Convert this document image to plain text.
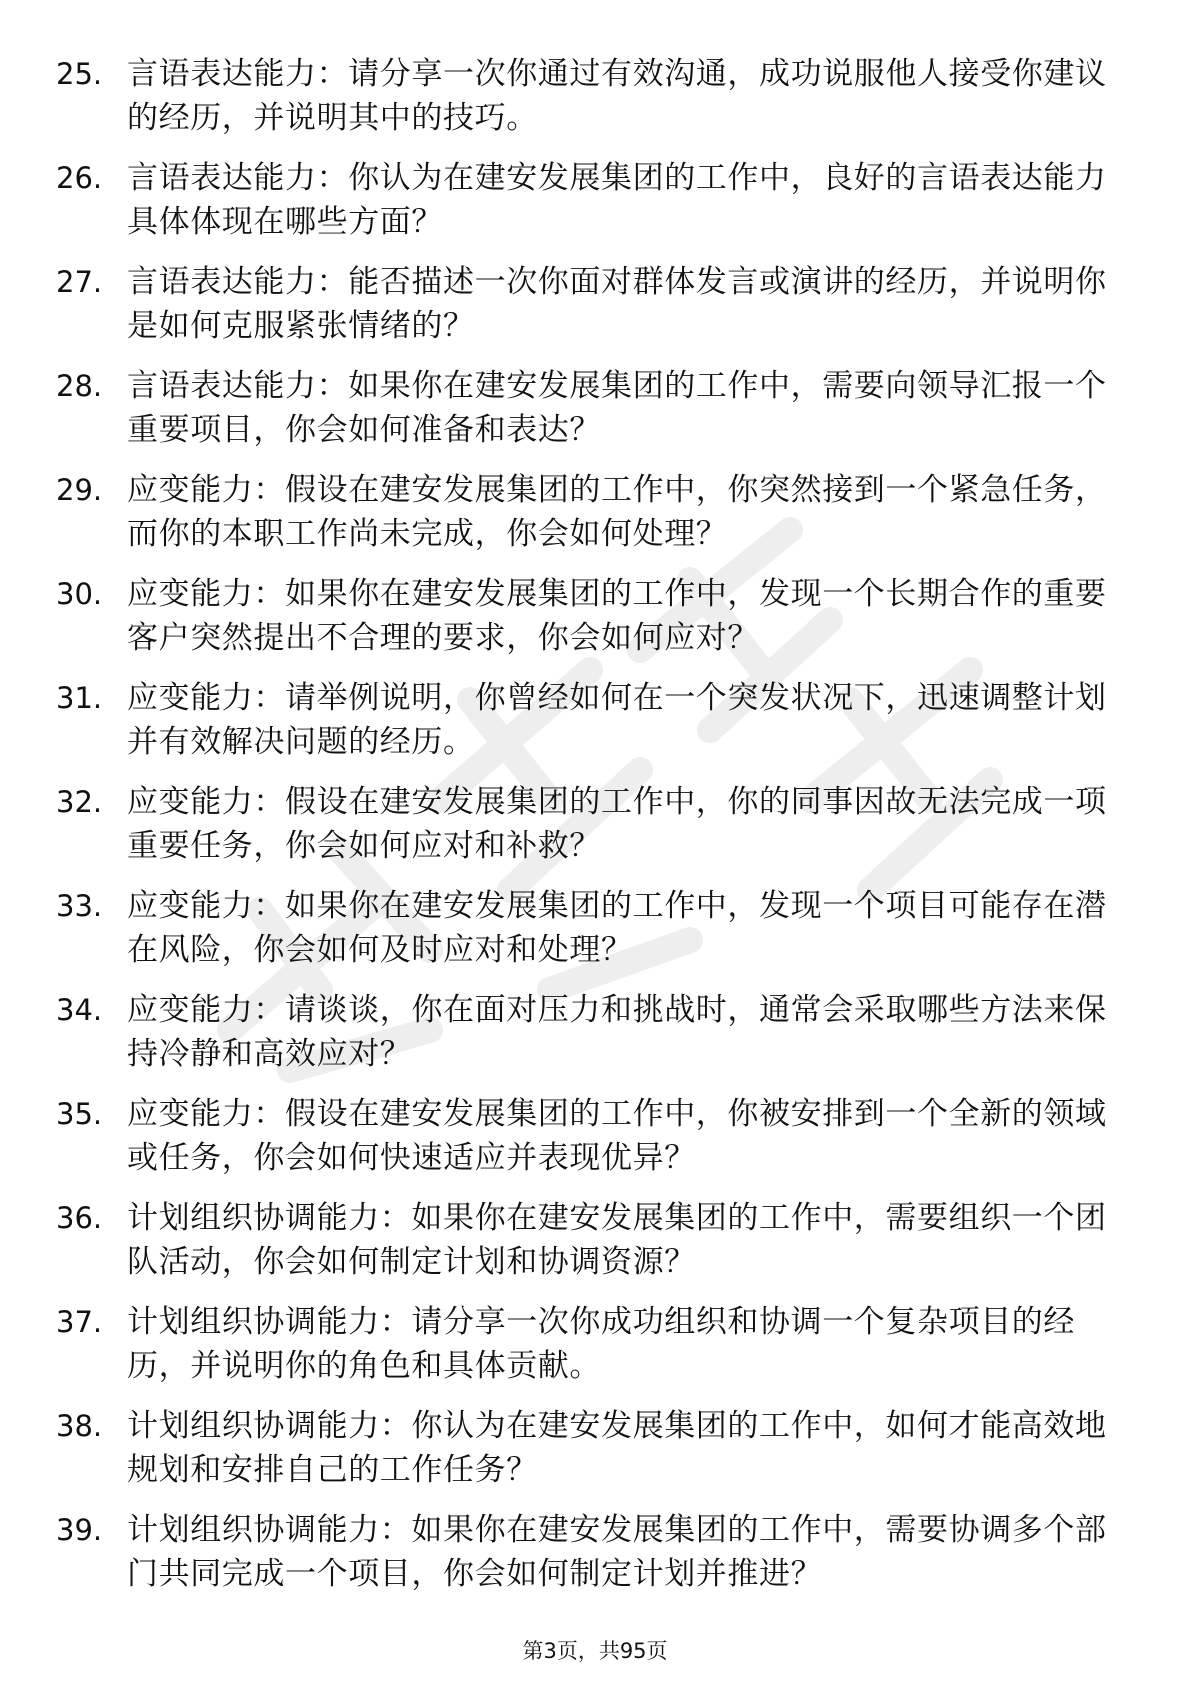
25. 言语表达能力：请分享一次你通过有效沟通，成功说服他人接受你建议的经历，并说明其中的技巧。
26. 言语表达能力：你认为在建安发展集团的工作中，良好的言语表达能力具体体现在哪些方面？
27. 言语表达能力：能否描述一次你面对群体发言或演讲的经历，并说明你是如何克服紧张情绪的？
28. 言语表达能力：如果你在建安发展集团的工作中，需要向领导汇报一个重要项目，你会如何准备和表达？
29. 应变能力：假设在建安发展集团的工作中，你突然接到一个紧急任务，而你的本职工作尚未完成，你会如何处理？
30. 应变能力：如果你在建安发展集团的工作中，发现一个长期合作的重要客户突然提出不合理的要求，你会如何应对？
31. 应变能力：请举例说明，你曾经如何在一个突发状况下，迅速调整计划并有效解决问题的经历。
32. 应变能力：假设在建安发展集团的工作中，你的同事因故无法完成一项重要任务，你会如何应对和补救？
33. 应变能力：如果你在建安发展集团的工作中，发现一个项目可能存在潜在风险，你会如何及时应对和处理？
34. 应变能力：请谈谈，你在面对压力和挑战时，通常会采取哪些方法来保持冷静和高效应对？
35. 应变能力：假设在建安发展集团的工作中，你被安排到一个全新的领域或任务，你会如何快速适应并表现优异？
36. 计划组织协调能力：如果你在建安发展集团的工作中，需要组织一个团队活动，你会如何制定计划和协调资源？
37. 计划组织协调能力：请分享一次你成功组织和协调一个复杂项目的经历，并说明你的角色和具体贡献。
38. 计划组织协调能力：你认为在建安发展集团的工作中，如何才能高效地规划和安排自己的工作任务？
39. 计划组织协调能力：如果你在建安发展集团的工作中，需要协调多个部门共同完成一个项目，你会如何制定计划并推进？
第3页，共95页
